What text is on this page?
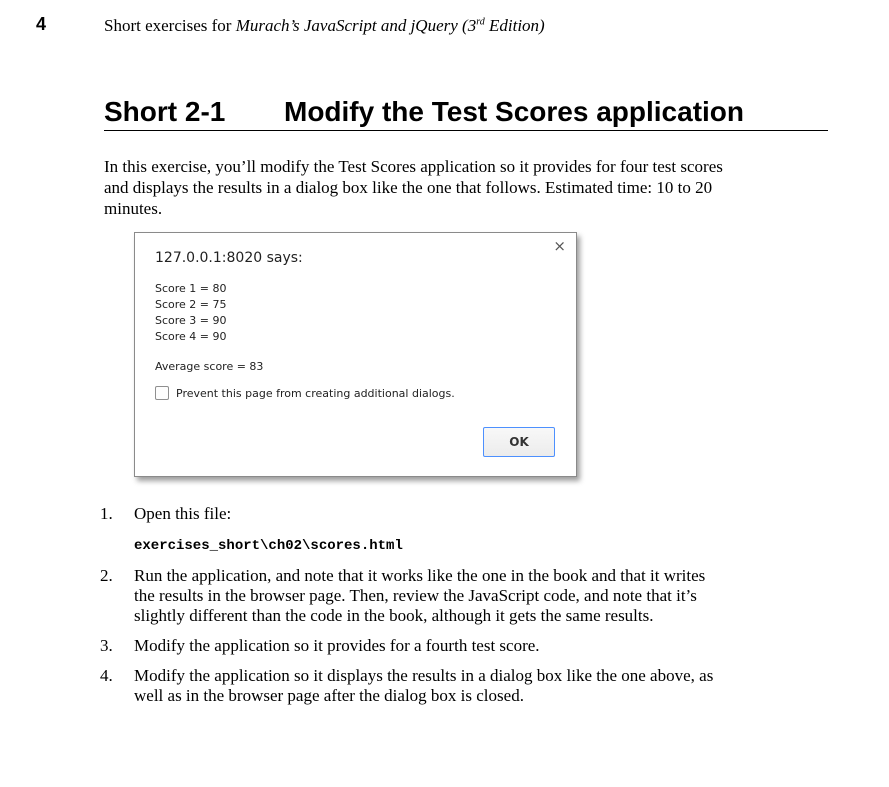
4	Short exercises for Murach’s JavaScript and jQuery (3rd Edition)
Short 2-1 Modify the Test Scores application
In this exercise, you’ll modify the Test Scores application so it provides for four test scores and displays the results in a dialog box like the one that follows. Estimated time: 10 to 20 minutes.
×
127.0.0.1:8020 says:
Score 1 = 80
Score 2 = 75
Score 3 = 90
Score 4 = 90
Average score = 83
Prevent this page from creating additional dialogs.
OK
1. Open this file:
exercises_short\ch02\scores.html
2. Run the application, and note that it works like the one in the book and that it writes the results in the browser page. Then, review the JavaScript code, and note that it’s slightly different than the code in the book, although it gets the same results.
3. Modify the application so it provides for a fourth test score.
4. Modify the application so it displays the results in a dialog box like the one above, as well as in the browser page after the dialog box is closed.
